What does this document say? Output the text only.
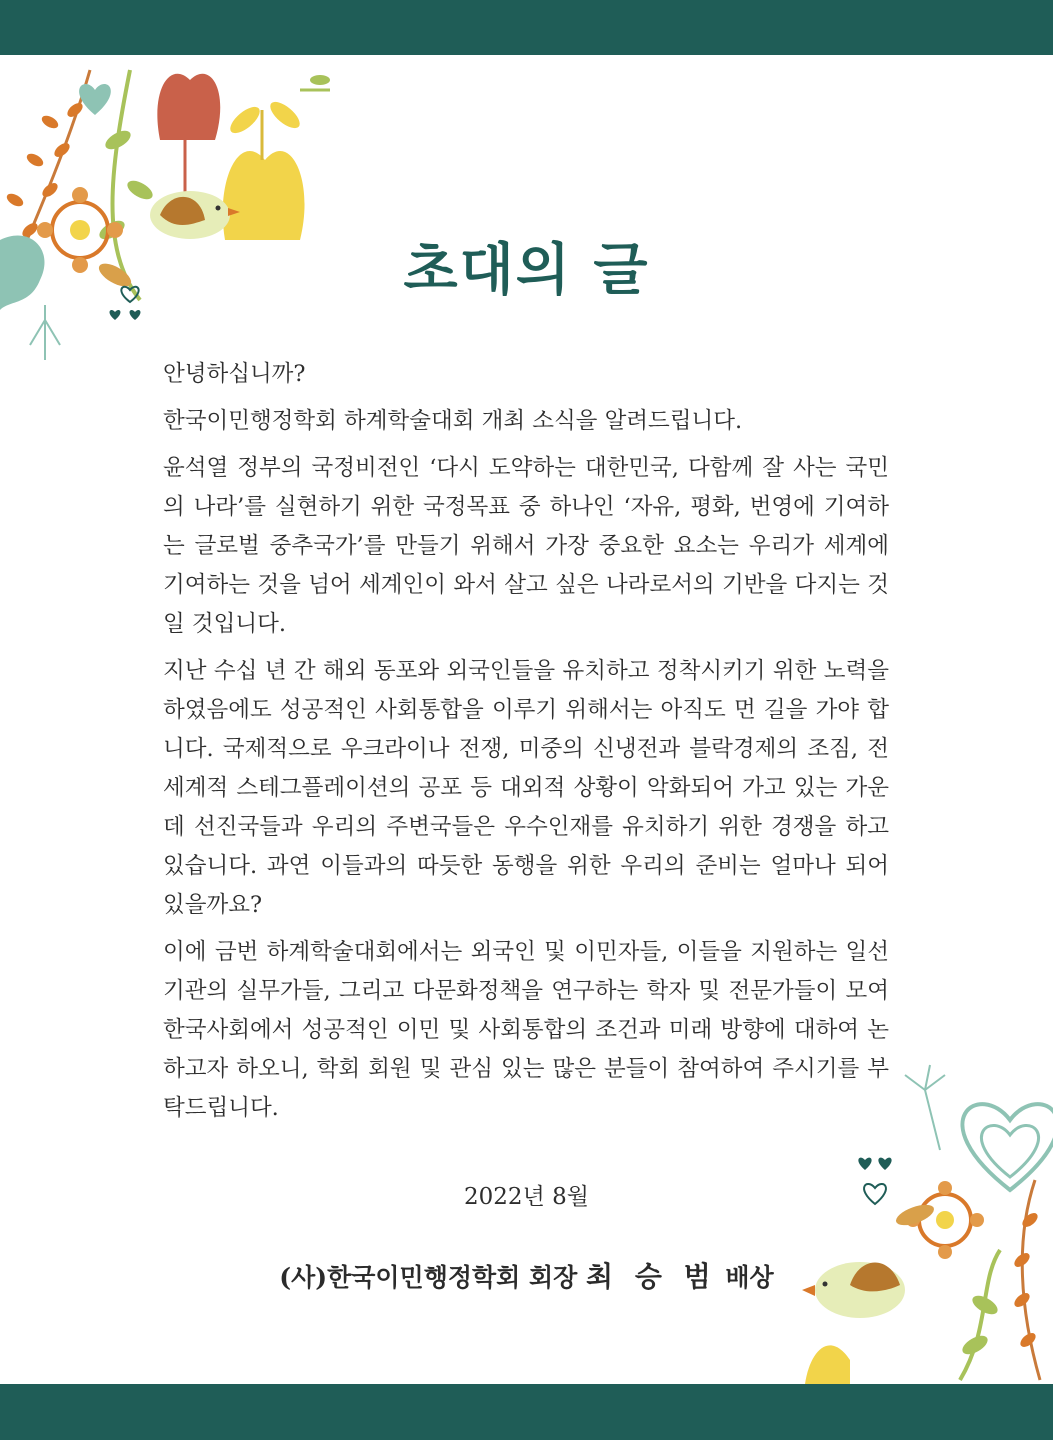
초대의 글

안녕하십니까?

한국이민행정학회 하계학술대회 개최 소식을 알려드립니다.

윤석열 정부의 국정비전인 ‘다시 도약하는 대한민국, 다함께 잘 사는 국민의 나라’를 실현하기 위한 국정목표 중 하나인 ‘자유, 평화, 번영에 기여하는 글로벌 중추국가’를 만들기 위해서 가장 중요한 요소는 우리가 세계에 기여하는 것을 넘어 세계인이 와서 살고 싶은 나라로서의 기반을 다지는 것일 것입니다.

지난 수십 년 간 해외 동포와 외국인들을 유치하고 정착시키기 위한 노력을 하였음에도 성공적인 사회통합을 이루기 위해서는 아직도 먼 길을 가야 합니다. 국제적으로 우크라이나 전쟁, 미중의 신냉전과 블락경제의 조짐, 전세계적 스테그플레이션의 공포 등 대외적 상황이 악화되어 가고 있는 가운데 선진국들과 우리의 주변국들은 우수인재를 유치하기 위한 경쟁을 하고 있습니다. 과연 이들과의 따듯한 동행을 위한 우리의 준비는 얼마나 되어 있을까요?

이에 금번 하계학술대회에서는 외국인 및 이민자들, 이들을 지원하는 일선기관의 실무가들, 그리고 다문화정책을 연구하는 학자 및 전문가들이 모여 한국사회에서 성공적인 이민 및 사회통합의 조건과 미래 방향에 대하여 논하고자 하오니, 학회 회원 및 관심 있는 많은 분들이 참여하여 주시기를 부탁드립니다.

2022년 8월
(사)한국이민행정학회 회장 최 승 범 배상
